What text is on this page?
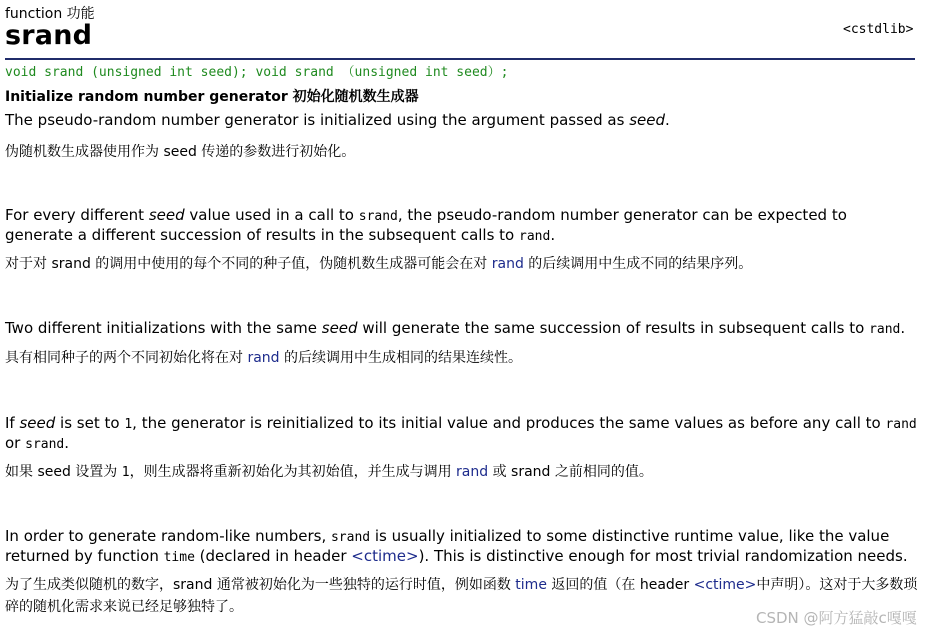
function 功能
srand	<cstdlib>
void srand (unsigned int seed); void srand （unsigned int seed）;
Initialize random number generator 初始化随机数生成器
The pseudo-random number generator is initialized using the argument passed as seed.
伪随机数生成器使用作为 seed 传递的参数进行初始化。
For every different seed value used in a call to srand, the pseudo-random number generator can be expected to generate a different succession of results in the subsequent calls to rand.
对于对 srand 的调用中使用的每个不同的种子值，伪随机数生成器可能会在对 rand 的后续调用中生成不同的结果序列。
Two different initializations with the same seed will generate the same succession of results in subsequent calls to rand.
具有相同种子的两个不同初始化将在对 rand 的后续调用中生成相同的结果连续性。
If seed is set to 1, the generator is reinitialized to its initial value and produces the same values as before any call to rand or srand.
如果 seed 设置为 1，则生成器将重新初始化为其初始值，并生成与调用 rand 或 srand 之前相同的值。
In order to generate random-like numbers, srand is usually initialized to some distinctive runtime value, like the value returned by function time (declared in header <ctime>). This is distinctive enough for most trivial randomization needs.
为了生成类似随机的数字，srand 通常被初始化为一些独特的运行时值，例如函数 time 返回的值（在 header <ctime>中声明）。这对于大多数琐碎的随机化需求来说已经足够独特了。
CSDN @阿方猛敲c嘎嘎
